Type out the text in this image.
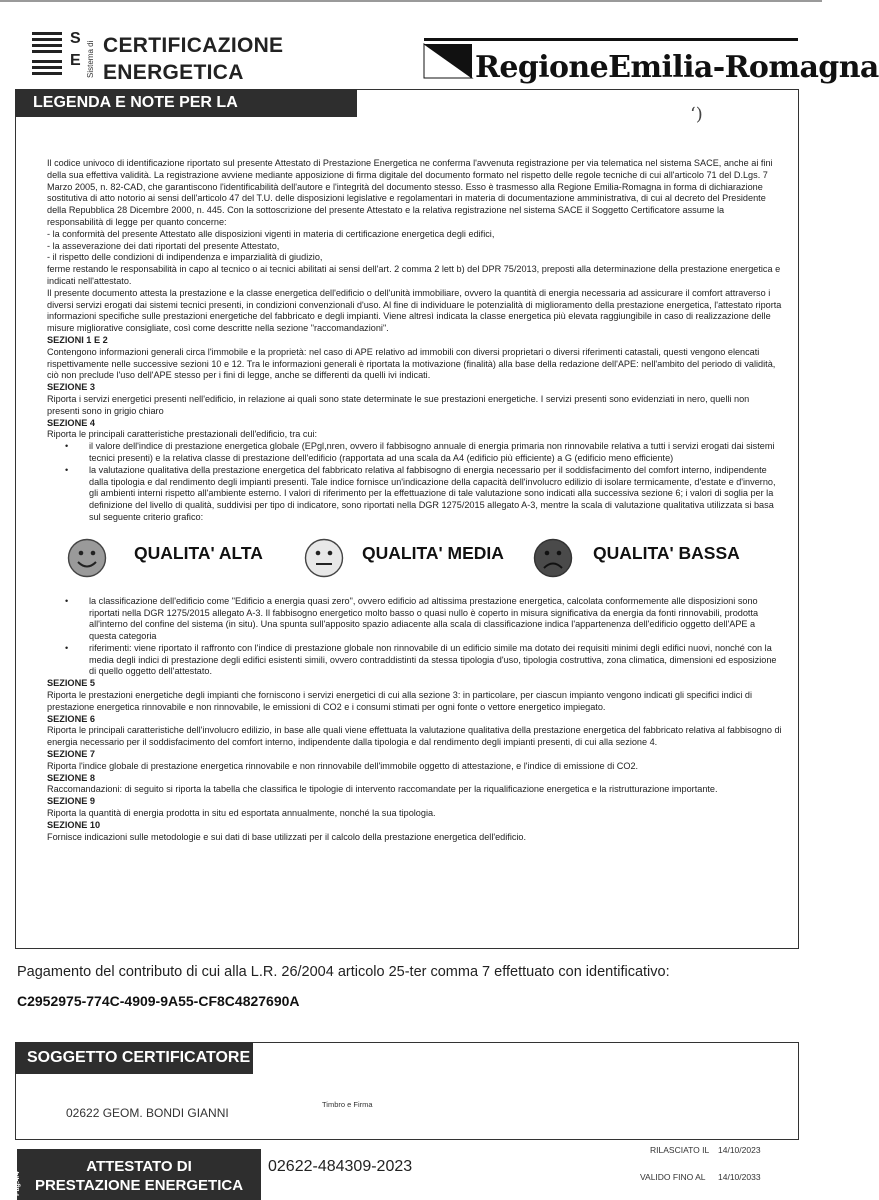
S
E Sistema di CERTIFICAZIONE
ENERGETICA	RegioneEmilia-Romagna
LEGENDA E NOTE PER LA COMPILAZIONE
ʻ)

Il codice univoco di identificazione riportato sul presente Attestato di Prestazione Energetica ne conferma l'avvenuta registrazione per via telematica nel sistema SACE, anche ai fini della sua effettiva validità. La registrazione avviene mediante apposizione di firma digitale del documento formato nel rispetto delle regole tecniche di cui all'articolo 71 del D.Lgs. 7 Marzo 2005, n. 82-CAD, che garantiscono l'identificabilità dell'autore e l'integrità del documento stesso. Esso è trasmesso alla Regione Emilia-Romagna in forma di dichiarazione sostitutiva di atto notorio ai sensi dell'articolo 47 del T.U. delle disposizioni legislative e regolamentari in materia di documentazione amministrativa, di cui al decreto del Presidente della Repubblica 28 Dicembre 2000, n. 445. Con la sottoscrizione del presente Attestato e la relativa registrazione nel sistema SACE il Soggetto Certificatore assume la responsabilità di legge per quanto concerne:

- la conformità del presente Attestato alle disposizioni vigenti in materia di certificazione energetica degli edifici,

- la asseverazione dei dati riportati del presente Attestato,

- il rispetto delle condizioni di indipendenza e imparzialità di giudizio,

ferme restando le responsabilità in capo al tecnico o ai tecnici abilitati ai sensi dell'art. 2 comma 2 lett b) del DPR 75/2013, preposti alla determinazione della prestazione energetica e indicati nell'attestato.

Il presente documento attesta la prestazione e la classe energetica dell'edificio o dell'unità immobiliare, ovvero la quantità di energia necessaria ad assicurare il comfort attraverso i diversi servizi erogati dai sistemi tecnici presenti, in condizioni convenzionali d'uso. Al fine di individuare le potenzialità di miglioramento della prestazione energetica, l'attestato riporta informazioni specifiche sulle prestazioni energetiche del fabbricato e degli impianti. Viene altresì indicata la classe energetica più elevata raggiungibile in caso di realizzazione delle misure migliorative consigliate, così come descritte nella sezione "raccomandazioni".

SEZIONI 1 E 2

Contengono informazioni generali circa l'immobile e la proprietà: nel caso di APE relativo ad immobili con diversi proprietari o diversi riferimenti catastali, questi vengono elencati rispettivamente nelle successive sezioni 10 e 12. Tra le informazioni generali è riportata la motivazione (finalità) alla base della redazione dell'APE: nell'ambito del periodo di validità, ciò non preclude l'uso dell'APE stesso per i fini di legge, anche se differenti da quelli ivi indicati.

SEZIONE 3

Riporta i servizi energetici presenti nell'edificio, in relazione ai quali sono state determinate le sue prestazioni energetiche. I servizi presenti sono evidenziati in nero, quelli non presenti sono in grigio chiaro

SEZIONE 4

Riporta le principali caratteristiche prestazionali dell'edificio, tra cui:

• il valore dell'indice di prestazione energetica globale (EPgl,nren, ovvero il fabbisogno annuale di energia primaria non rinnovabile relativa a tutti i servizi erogati dai sistemi tecnici presenti) e la relativa classe di prestazione dell'edificio (rapportata ad una scala da A4 (edificio più efficiente) a G (edificio meno efficiente)
• la valutazione qualitativa della prestazione energetica del fabbricato relativa al fabbisogno di energia necessario per il soddisfacimento del comfort interno, indipendente dalla tipologia e dal rendimento degli impianti presenti. Tale indice fornisce un'indicazione della capacità dell'involucro edilizio di isolare termicamente, d'estate e d'inverno, gli ambienti interni rispetto all'ambiente esterno. I valori di riferimento per la effettuazione di tale valutazione sono indicati alla successiva sezione 6; i valori di soglia per la definizione del livello di qualità, suddivisi per tipo di indicatore, sono riportati nella DGR 1275/2015 allegato A-3, mentre la scala di valutazione qualitativa utilizzata si basa sul seguente criterio grafico:
QUALITA' ALTA	QUALITA' MEDIA	QUALITA' BASSA
• la classificazione dell'edificio come "Edificio a energia quasi zero", ovvero edificio ad altissima prestazione energetica, calcolata conformemente alle disposizioni sono riportati nella DGR 1275/2015 allegato A-3. Il fabbisogno energetico molto basso o quasi nullo è coperto in misura significativa da energia da fonti rinnovabili, prodotta all'interno del confine del sistema (in situ). Una spunta sull'apposito spazio adiacente alla scala di classificazione indica l'appartenenza dell'edificio oggetto dell'APE a questa categoria
• riferimenti: viene riportato il raffronto con l'indice di prestazione globale non rinnovabile di un edificio simile ma dotato dei requisiti minimi degli edifici nuovi, nonché con la media degli indici di prestazione degli edifici esistenti simili, ovvero contraddistinti da stessa tipologia d'uso, tipologia costruttiva, zona climatica, dimensioni ed esposizione di quello oggetto dell'attestato.

SEZIONE 5

Riporta le prestazioni energetiche degli impianti che forniscono i servizi energetici di cui alla sezione 3: in particolare, per ciascun impianto vengono indicati gli specifici indici di prestazione energetica rinnovabile e non rinnovabile, le emissioni di CO2 e i consumi stimati per ogni fonte o vettore energetico impiegato.

SEZIONE 6

Riporta le principali caratteristiche dell'involucro edilizio, in base alle quali viene effettuata la valutazione qualitativa della prestazione energetica del fabbricato relativa al fabbisogno di energia necessario per il soddisfacimento del comfort interno, indipendente dalla tipologia e dal rendimento degli impianti presenti, di cui alla sezione 4.

SEZIONE 7

Riporta l'indice globale di prestazione energetica rinnovabile e non rinnovabile dell'immobile oggetto di attestazione, e l'indice di emissione di CO2.

SEZIONE 8

Raccomandazioni: di seguito si riporta la tabella che classifica le tipologie di intervento raccomandate per la riqualificazione energetica e la ristrutturazione importante.

SEZIONE 9

Riporta la quantità di energia prodotta in situ ed esportata annualmente, nonché la sua tipologia.

SEZIONE 10

Fornisce indicazioni sulle metodologie e sui dati di base utilizzati per il calcolo della prestazione energetica dell'edificio.

Pagamento del contributo di cui alla L.R. 26/2004 articolo 25-ter comma 7 effettuato con identificativo:
C2952975-774C-4909-9A55-CF8C4827690A
SOGGETTO CERTIFICATORE
02622 GEOM. BONDI GIANNI
Timbro e Firma
RILASCIATO IL 14/10/2023
VALIDO FINO AL 14/10/2033
ATTESTATO DI
PRESTAZIONE ENERGETICA
Pag.4/4
02622-484309-2023
